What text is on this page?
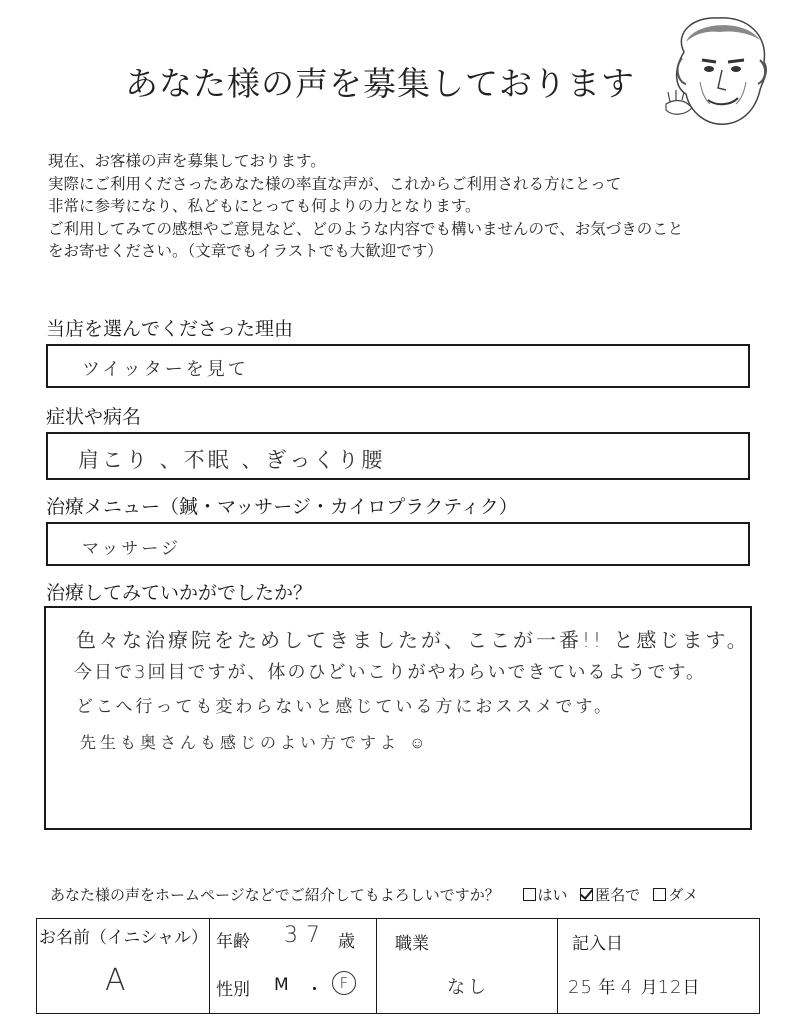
あなた様の声を募集しております
現在、お客様の声を募集しております。
実際にご利用くださったあなた様の率直な声が、これからご利用される方にとって
非常に参考になり、私どもにとっても何よりの力となります。
ご利用してみての感想やご意見など、どのような内容でも構いませんので、お気づきのこと
をお寄せください。（文章でもイラストでも大歓迎です）
当店を選んでくださった理由
ツイッターを見て
症状や病名
肩こり 、不眠 、ぎっくり腰
治療メニュー（鍼・マッサージ・カイロプラクティク）
マッサージ
治療してみていかがでしたか？
色々な治療院をためしてきましたが、ここが一番!! と感じます。
今日で3回目ですが、体のひどいこりがやわらいできているようです。
どこへ行っても変わらないと感じている方におススメです。
先生も奥さんも感じのよい方ですよ ☺
あなた様の声をホームページなどでご紹介してもよろしいですか？	はい 匿名で ダメ
お名前（イニシャル）
A

年齢 37 歳
性別 M ・	F

職業
なし

記入日
25 年 4 月12日
